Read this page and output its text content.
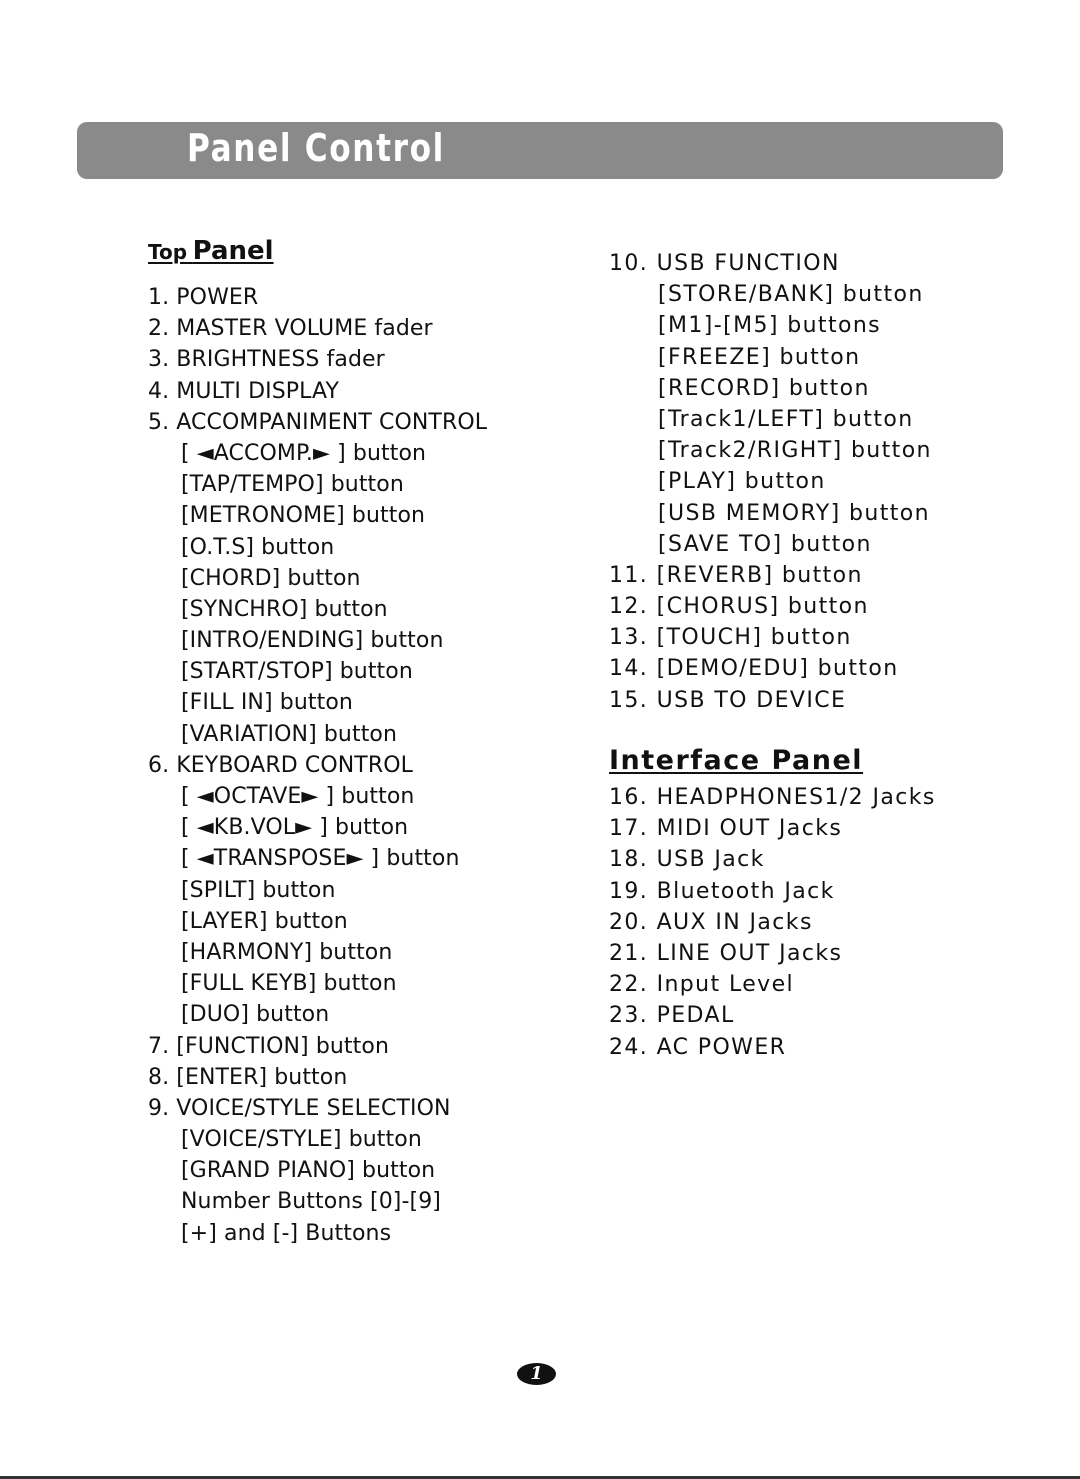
Panel Control
Top Panel
1. POWER
2. MASTER VOLUME fader
3. BRIGHTNESS fader
4. MULTI DISPLAY
5. ACCOMPANIMENT CONTROL
[ ◄ACCOMP.► ] button
[TAP/TEMPO] button
[METRONOME] button
[O.T.S] button
[CHORD] button
[SYNCHRO] button
[INTRO/ENDING] button
[START/STOP] button
[FILL IN] button
[VARIATION] button
6. KEYBOARD CONTROL
[ ◄OCTAVE► ] button
[ ◄KB.VOL► ] button
[ ◄TRANSPOSE► ] button
[SPILT] button
[LAYER] button
[HARMONY] button
[FULL KEYB] button
[DUO] button
7. [FUNCTION] button
8. [ENTER] button
9. VOICE/STYLE SELECTION
[VOICE/STYLE] button
[GRAND PIANO] button
Number Buttons [0]-[9]
[+] and [-] Buttons
10. USB FUNCTION
[STORE/BANK] button
[M1]-[M5] buttons
[FREEZE] button
[RECORD] button
[Track1/LEFT] button
[Track2/RIGHT] button
[PLAY] button
[USB MEMORY] button
[SAVE TO] button
11. [REVERB] button
12. [CHORUS] button
13. [TOUCH] button
14. [DEMO/EDU] button
15. USB TO DEVICE
Interface Panel
16. HEADPHONES1/2 Jacks
17. MIDI OUT Jacks
18. USB Jack
19. Bluetooth Jack
20. AUX IN Jacks
21. LINE OUT Jacks
22. Input Level
23. PEDAL
24. AC POWER
1
